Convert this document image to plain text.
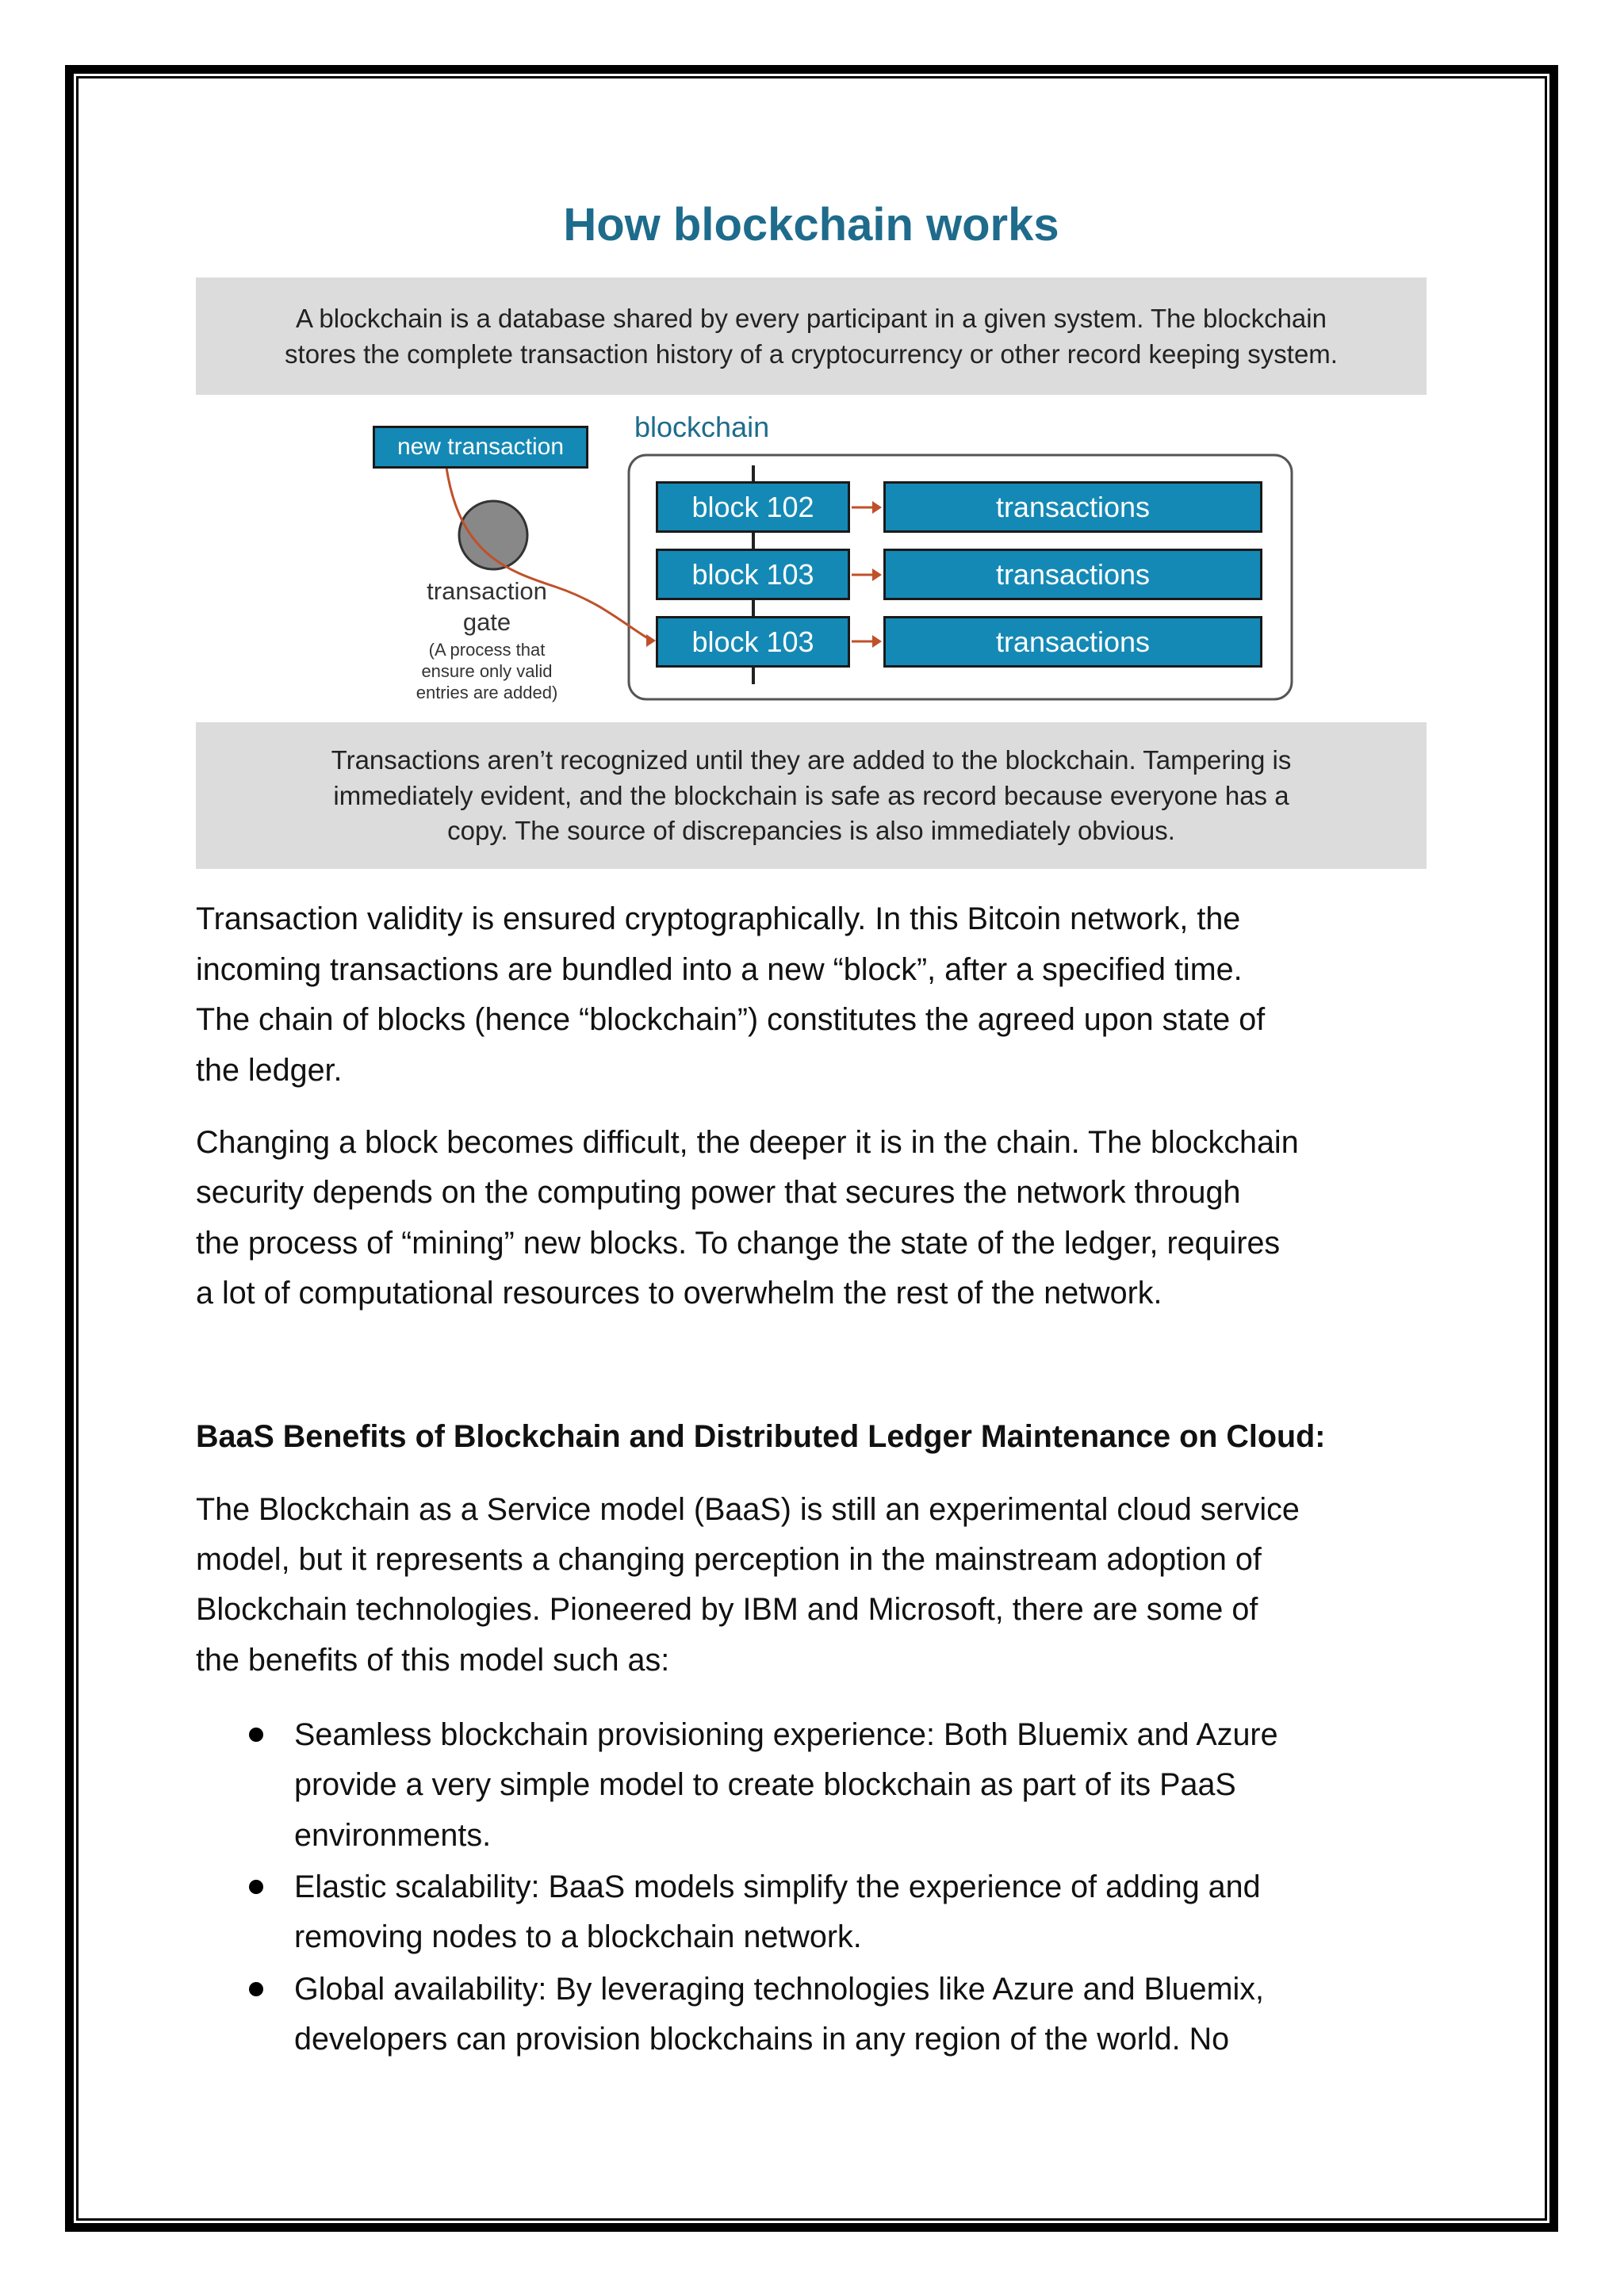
How blockchain works
A blockchain is a database shared by every participant in a given system. The blockchain
stores the complete transaction history of a cryptocurrency or other record keeping system.
new transaction
blockchain
block 102
block 103
block 103
transactions
transactions
transactions
transaction
gate
(A process that
ensure only valid
entries are added)
Transactions aren’t recognized until they are added to the blockchain. Tampering is
immediately evident, and the blockchain is safe as record because everyone has a
copy. The source of discrepancies is also immediately obvious.
Transaction validity is ensured cryptographically. In this Bitcoin network, the
incoming transactions are bundled into a new “block”, after a specified time.
The chain of blocks (hence “blockchain”) constitutes the agreed upon state of
the ledger.
Changing a block becomes difficult, the deeper it is in the chain. The blockchain
security depends on the computing power that secures the network through
the process of “mining” new blocks. To change the state of the ledger, requires
a lot of computational resources to overwhelm the rest of the network.
BaaS Benefits of Blockchain and Distributed Ledger Maintenance on Cloud:
The Blockchain as a Service model (BaaS) is still an experimental cloud service
model, but it represents a changing perception in the mainstream adoption of
Blockchain technologies. Pioneered by IBM and Microsoft, there are some of
the benefits of this model such as:
Seamless blockchain provisioning experience: Both Bluemix and Azure
provide a very simple model to create blockchain as part of its PaaS
environments.
Elastic scalability: BaaS models simplify the experience of adding and
removing nodes to a blockchain network.
Global availability: By leveraging technologies like Azure and Bluemix,
developers can provision blockchains in any region of the world. No
